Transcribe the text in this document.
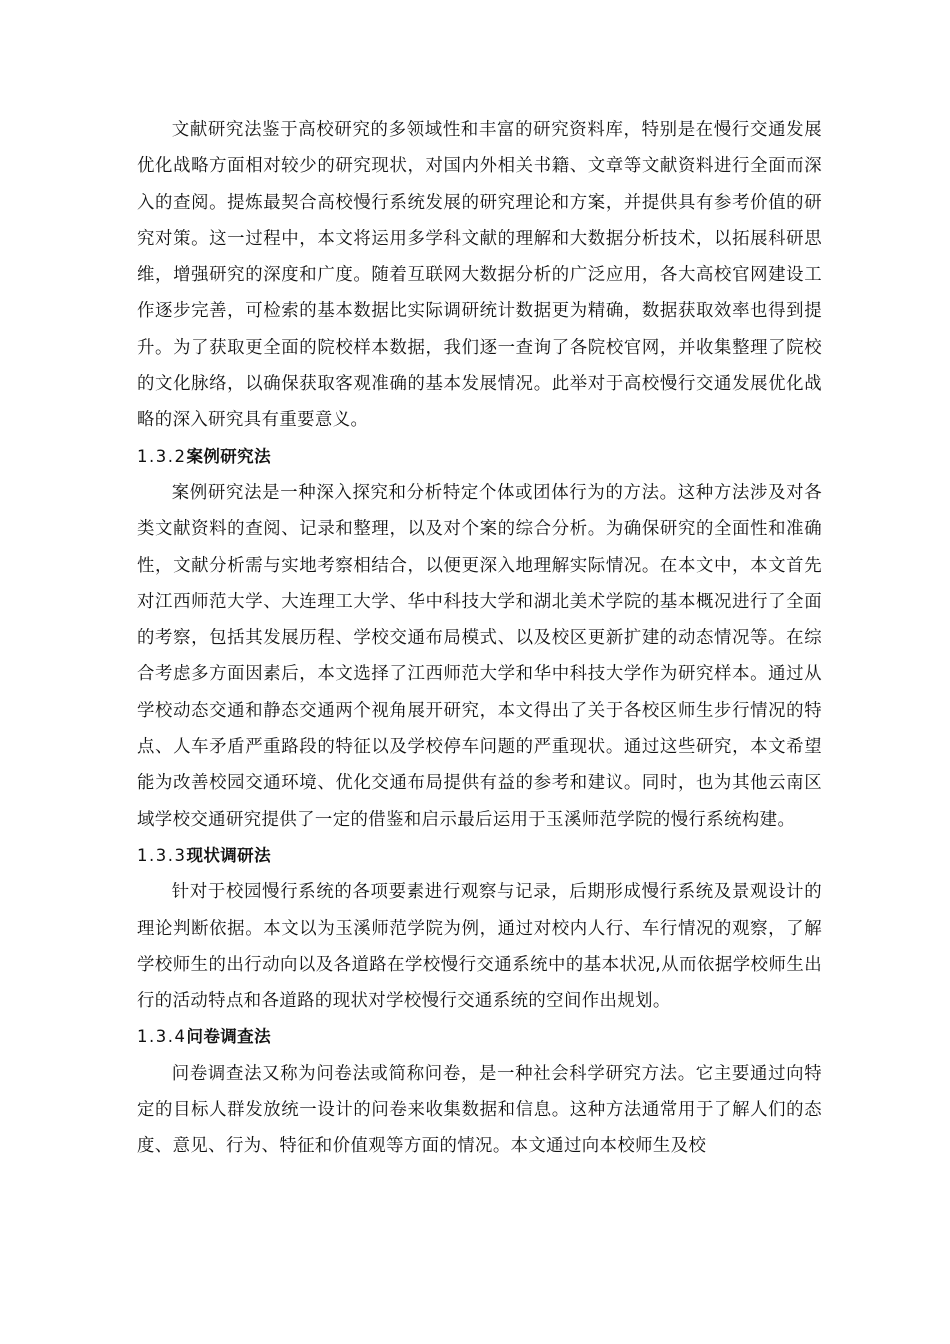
文献研究法鉴于高校研究的多领域性和丰富的研究资料库，特别是在慢行交通发展优化战略方面相对较少的研究现状，对国内外相关书籍、文章等文献资料进行全面而深入的查阅。提炼最契合高校慢行系统发展的研究理论和方案，并提供具有参考价值的研究对策。这一过程中，本文将运用多学科文献的理解和大数据分析技术，以拓展科研思维，增强研究的深度和广度。随着互联网大数据分析的广泛应用，各大高校官网建设工作逐步完善，可检索的基本数据比实际调研统计数据更为精确，数据获取效率也得到提升。为了获取更全面的院校样本数据，我们逐一查询了各院校官网，并收集整理了院校的文化脉络，以确保获取客观准确的基本发展情况。此举对于高校慢行交通发展优化战略的深入研究具有重要意义。

1.3.2案例研究法

案例研究法是一种深入探究和分析特定个体或团体行为的方法。这种方法涉及对各类文献资料的查阅、记录和整理，以及对个案的综合分析。为确保研究的全面性和准确性，文献分析需与实地考察相结合，以便更深入地理解实际情况。在本文中，本文首先对江西师范大学、大连理工大学、华中科技大学和湖北美术学院的基本概况进行了全面的考察，包括其发展历程、学校交通布局模式、以及校区更新扩建的动态情况等。在综合考虑多方面因素后，本文选择了江西师范大学和华中科技大学作为研究样本。通过从学校动态交通和静态交通两个视角展开研究，本文得出了关于各校区师生步行情况的特点、人车矛盾严重路段的特征以及学校停车问题的严重现状。通过这些研究，本文希望能为改善校园交通环境、优化交通布局提供有益的参考和建议。同时，也为其他云南区域学校交通研究提供了一定的借鉴和启示最后运用于玉溪师范学院的慢行系统构建。

1.3.3现状调研法

针对于校园慢行系统的各项要素进行观察与记录，后期形成慢行系统及景观设计的理论判断依据。本文以为玉溪师范学院为例，通过对校内人行、车行情况的观察，了解学校师生的出行动向以及各道路在学校慢行交通系统中的基本状况,从而依据学校师生出行的活动特点和各道路的现状对学校慢行交通系统的空间作出规划。

1.3.4问卷调查法

问卷调查法又称为问卷法或简称问卷，是一种社会科学研究方法。它主要通过向特定的目标人群发放统一设计的问卷来收集数据和信息。这种方法通常用于了解人们的态度、意见、行为、特征和价值观等方面的情况。本文通过向本校师生及校
